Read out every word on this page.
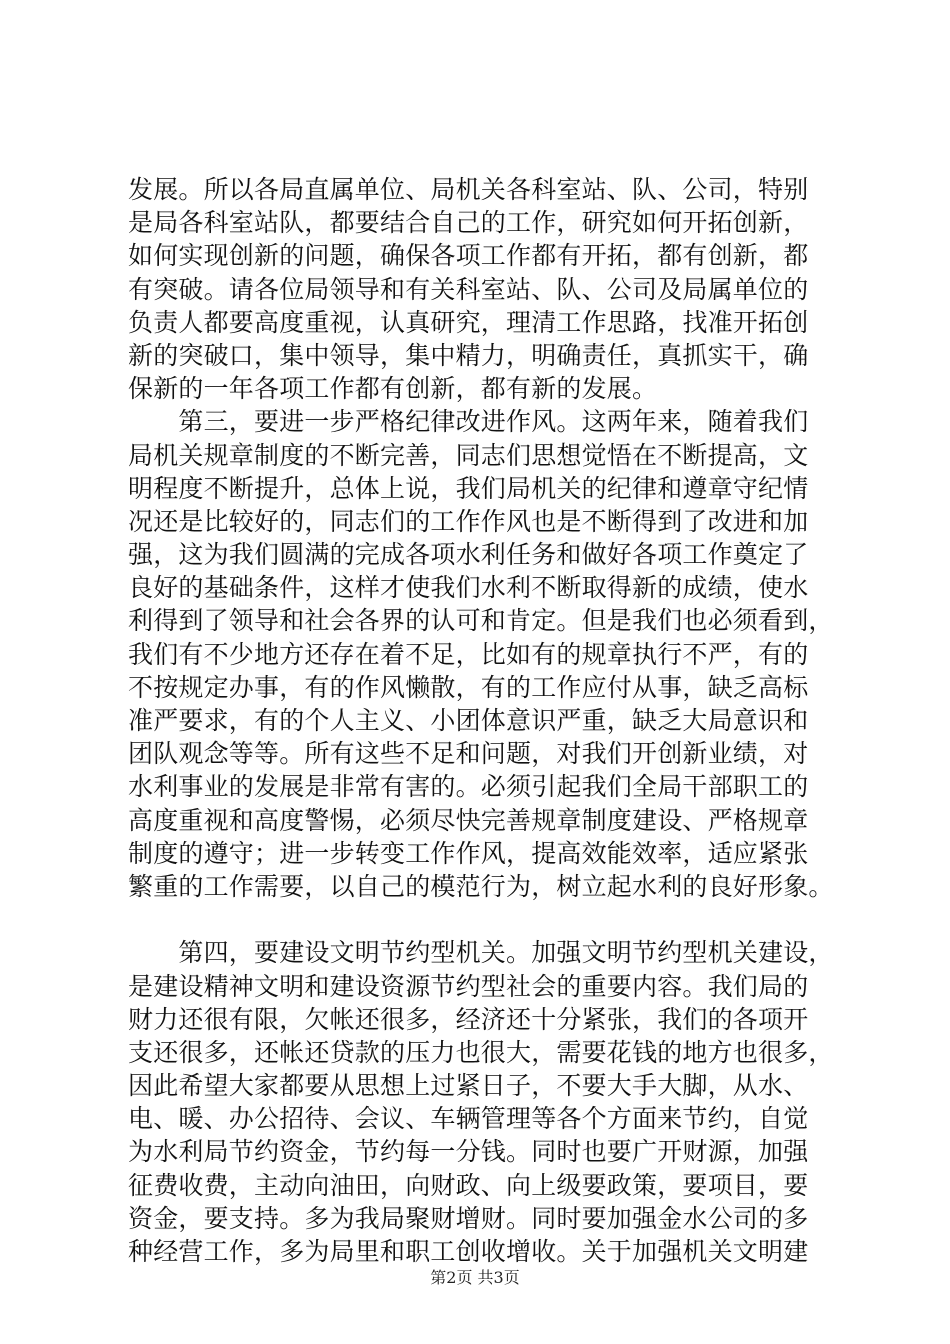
发展。所以各局直属单位、局机关各科室站、队、公司，特别
是局各科室站队，都要结合自己的工作，研究如何开拓创新，
如何实现创新的问题，确保各项工作都有开拓，都有创新，都
有突破。请各位局领导和有关科室站、队、公司及局属单位的
负责人都要高度重视，认真研究，理清工作思路，找准开拓创
新的突破口，集中领导，集中精力，明确责任，真抓实干，确
保新的一年各项工作都有创新，都有新的发展。
　　第三，要进一步严格纪律改进作风。这两年来，随着我们
局机关规章制度的不断完善，同志们思想觉悟在不断提高，文
明程度不断提升，总体上说，我们局机关的纪律和遵章守纪情
况还是比较好的，同志们的工作作风也是不断得到了改进和加
强，这为我们圆满的完成各项水利任务和做好各项工作奠定了
良好的基础条件，这样才使我们水利不断取得新的成绩，使水
利得到了领导和社会各界的认可和肯定。但是我们也必须看到，
我们有不少地方还存在着不足，比如有的规章执行不严，有的
不按规定办事，有的作风懒散，有的工作应付从事，缺乏高标
准严要求，有的个人主义、小团体意识严重，缺乏大局意识和
团队观念等等。所有这些不足和问题，对我们开创新业绩，对
水利事业的发展是非常有害的。必须引起我们全局干部职工的
高度重视和高度警惕，必须尽快完善规章制度建设、严格规章
制度的遵守；进一步转变工作作风，提高效能效率，适应紧张
繁重的工作需要，以自己的模范行为，树立起水利的良好形象。
　　第四，要建设文明节约型机关。加强文明节约型机关建设，
是建设精神文明和建设资源节约型社会的重要内容。我们局的
财力还很有限，欠帐还很多，经济还十分紧张，我们的各项开
支还很多，还帐还贷款的压力也很大，需要花钱的地方也很多，
因此希望大家都要从思想上过紧日子，不要大手大脚，从水、
电、暖、办公招待、会议、车辆管理等各个方面来节约，自觉
为水利局节约资金，节约每一分钱。同时也要广开财源，加强
征费收费，主动向油田，向财政、向上级要政策，要项目，要
资金，要支持。多为我局聚财增财。同时要加强金水公司的多
种经营工作，多为局里和职工创收增收。关于加强机关文明建
第2页 共3页
